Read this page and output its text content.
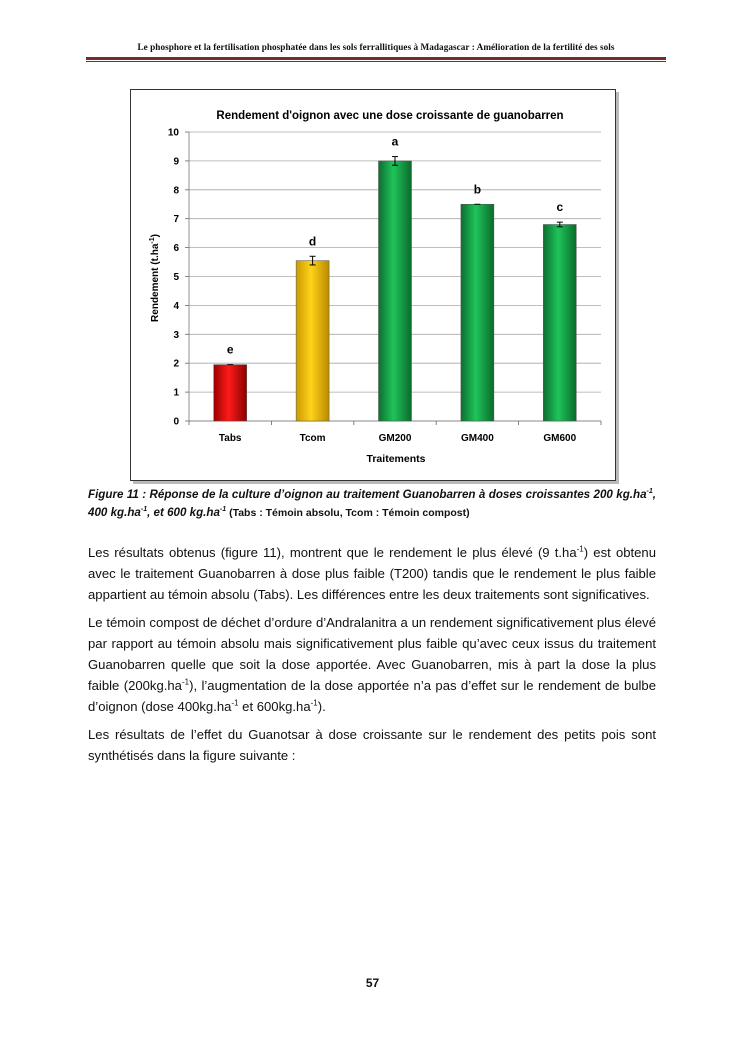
Le phosphore et la fertilisation phosphatée dans les sols ferrallitiques à Madagascar : Amélioration de la fertilité des sols
Rendement d'oignon avec une dose croissante de guanobarren
0
1
2
3
4
5
6
7
8
9
10
e
Tabs
d
Tcom
a
GM200
b
GM400
c
GM600
Traitements
Rendement $(t.ha^{-1})$
Figure 11 : Réponse de la culture d’oignon au traitement Guanobarren à doses croissantes 200 $kg.ha^{-1}$, 400 $kg.ha^{-1}$, et 600 $kg.ha^{-1}$ (Tabs : Témoin absolu, Tcom : Témoin compost)

Les résultats obtenus (figure 11), montrent que le rendement le plus élevé (9 $t.ha^{-1}$) est obtenu avec le traitement Guanobarren à dose plus faible (T200) tandis que le rendement le plus faible appartient au témoin absolu (Tabs). Les différences entre les deux traitements sont significatives.

Le témoin compost de déchet d’ordure d’Andralanitra a un rendement significativement plus élevé par rapport au témoin absolu mais significativement plus faible qu’avec ceux issus du traitement Guanobarren quelle que soit la dose apportée. Avec Guanobarren, mis à part la dose la plus faible $(200kg.ha^{-1})$, l’augmentation de la dose apportée n’a pas d’effet sur le rendement de bulbe d’oignon (dose $400kg.ha^{-1}$ et $600kg.ha^{-1}$).

Les résultats de l’effet du Guanotsar à dose croissante sur le rendement des petits pois sont synthétisés dans la figure suivante :

57
